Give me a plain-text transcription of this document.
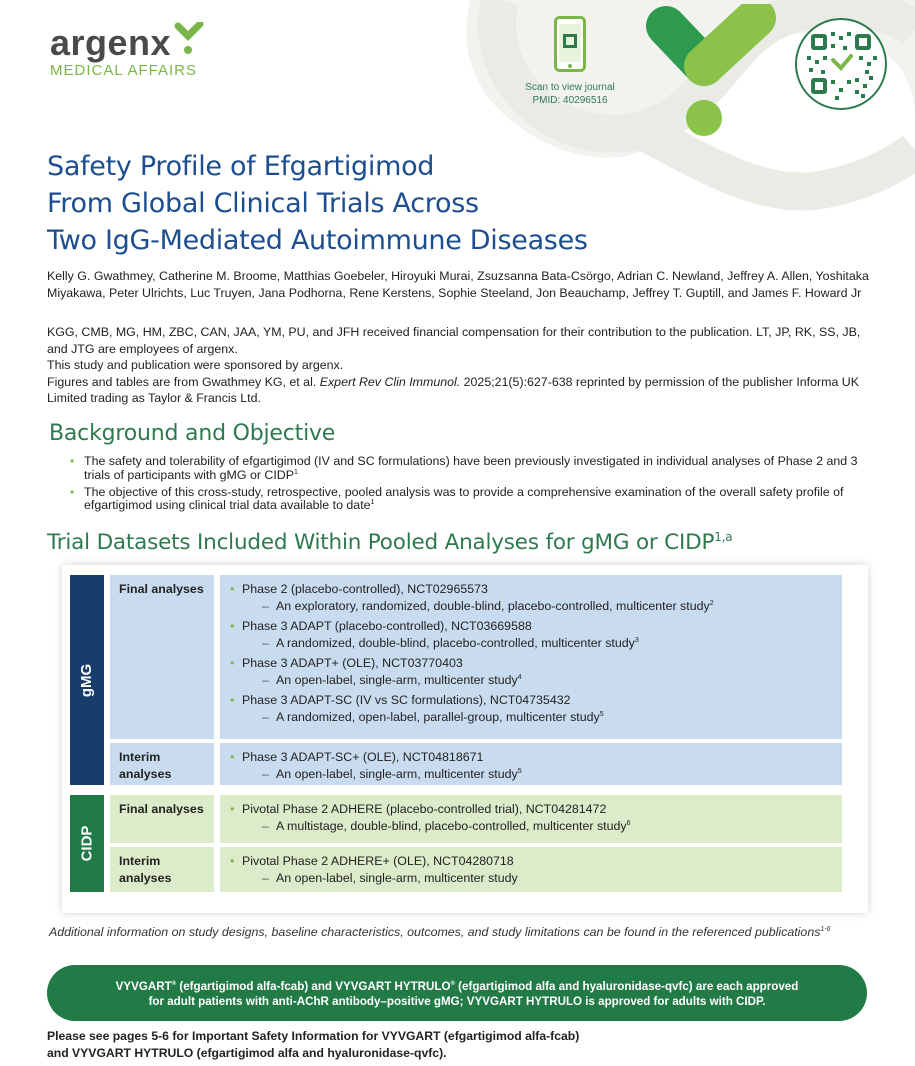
argenx
MEDICAL AFFAIRS
Scan to view journal
PMID: 40296516
Safety Profile of Efgartigimod
From Global Clinical Trials Across
Two IgG-Mediated Autoimmune Diseases
Kelly G. Gwathmey, Catherine M. Broome, Matthias Goebeler, Hiroyuki Murai, Zsuzsanna Bata-Csörgo, Adrian C. Newland, Jeffrey A. Allen, Yoshitaka Miyakawa, Peter Ulrichts, Luc Truyen, Jana Podhorna, Rene Kerstens, Sophie Steeland, Jon Beauchamp, Jeffrey T. Guptill, and James F. Howard Jr

KGG, CMB, MG, HM, ZBC, CAN, JAA, YM, PU, and JFH received financial compensation for their contribution to the publication. LT, JP, RK, SS, JB, and JTG are employees of argenx.

This study and publication were sponsored by argenx.

Figures and tables are from Gwathmey KG, et al. Expert Rev Clin Immunol. 2025;21(5):627-638 reprinted by permission of the publisher Informa UK Limited trading as Taylor & Francis Ltd.

Background and Objective
• The safety and tolerability of efgartigimod (IV and SC formulations) have been previously investigated in individual analyses of Phase 2 and 3 trials of participants with gMG or CIDP$^1$
• The objective of this cross-study, retrospective, pooled analysis was to provide a comprehensive examination of the overall safety profile of efgartigimod using clinical trial data available to date$^1$
Trial Datasets Included Within Pooled Analyses for gMG or CIDP$^{1,a}$
gMG
Final analyses	• Phase 2 (placebo-controlled), NCT02965573
– An exploratory, randomized, double-blind, placebo-controlled, multicenter study$^2$
• Phase 3 ADAPT (placebo-controlled), NCT03669588
– A randomized, double-blind, placebo-controlled, multicenter study$^3$
• Phase 3 ADAPT+ (OLE), NCT03770403
– An open-label, single-arm, multicenter study$^4$
• Phase 3 ADAPT-SC (IV vs SC formulations), NCT04735432
– A randomized, open-label, parallel-group, multicenter study$^5$
Interim analyses
• Phase 3 ADAPT-SC+ (OLE), NCT04818671
– An open-label, single-arm, multicenter study$^5$
CIDP
Final analyses	• Pivotal Phase 2 ADHERE (placebo-controlled trial), NCT04281472
– A multistage, double-blind, placebo-controlled, multicenter study$^6$
Interim analyses
• Pivotal Phase 2 ADHERE+ (OLE), NCT04280718
– An open-label, single-arm, multicenter study
Additional information on study designs, baseline characteristics, outcomes, and study limitations can be found in the referenced publications$^{1-6}$
VYVGART® (efgartigimod alfa-fcab) and VYVGART HYTRULO® (efgartigimod alfa and hyaluronidase-qvfc) are each approved
for adult patients with anti-AChR antibody–positive gMG; VYVGART HYTRULO is approved for adults with CIDP.
Please see pages 5-6 for Important Safety Information for VYVGART (efgartigimod alfa-fcab)
and VYVGART HYTRULO (efgartigimod alfa and hyaluronidase-qvfc).
